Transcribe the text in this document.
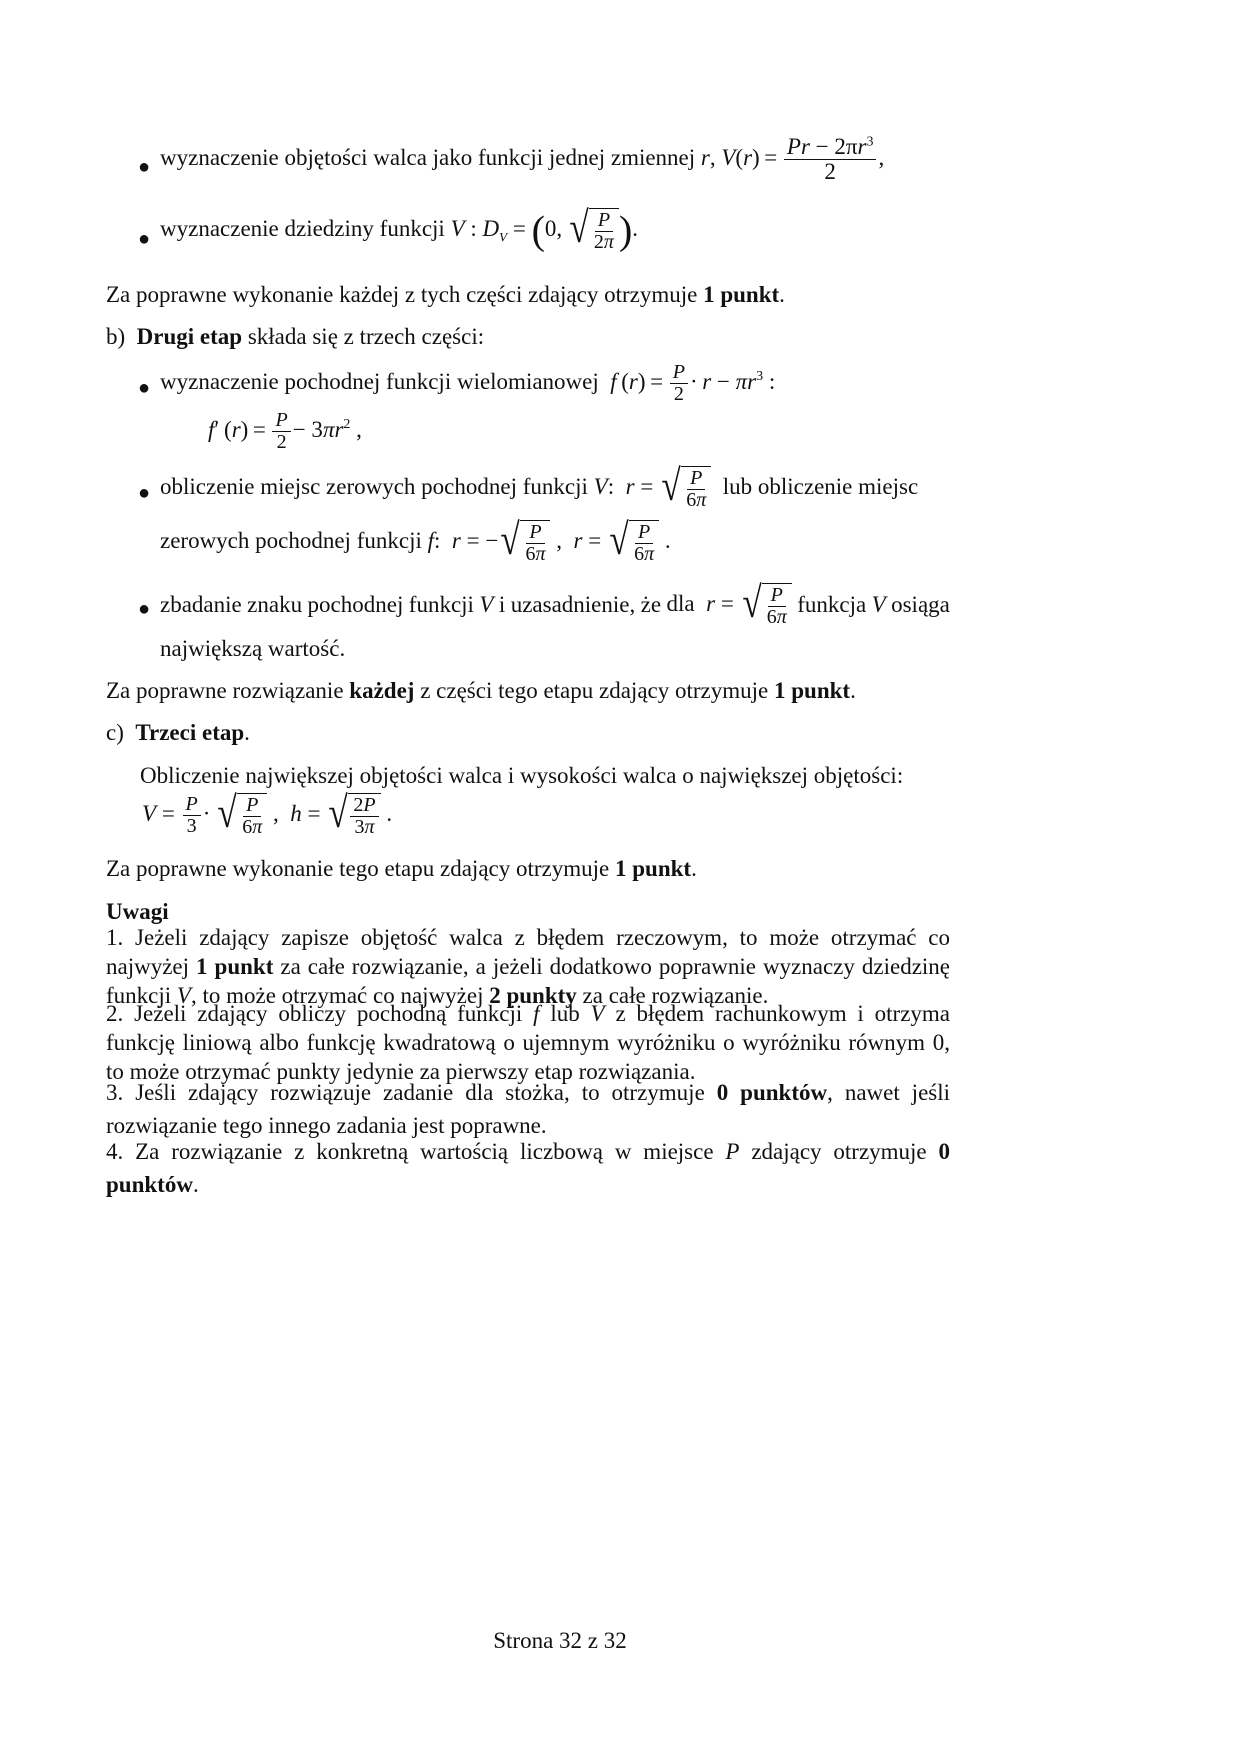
● wyznaczenie objętości walca jako funkcji jednej zmiennej r, $V(r) = \frac{Pr - 2\pi r^3}{2}$ ,
● wyznaczenie dziedziny funkcji V : $D_V = (0$,  √ $\frac{P}{2\pi}$ ).
Za poprawne wykonanie każdej z tych części zdający otrzymuje 1 punkt.
b)  Drugi etap składa się z trzech części:
● wyznaczenie pochodnej funkcji wielomianowej  f $(r) = \frac{P}{2} \cdot r - \pi r^3$ :
f′ $(r) = \frac{P}{2} - 3\pi r^2$ ,
● obliczenie miejsc zerowych pochodnej funkcji V:  r = √ $\frac{P}{6\pi}$ lub obliczenie miejsc
zerowych pochodnej funkcji f:  r = − √ $\frac{P}{6\pi}$ ,  r = √ $\frac{P}{6\pi}$ .
● zbadanie znaku pochodnej funkcji V i uzasadnienie, że dla  r = √ $\frac{P}{6\pi}$ funkcja V osiąga
największą wartość.
Za poprawne rozwiązanie każdej z części tego etapu zdający otrzymuje 1 punkt.
c)  Trzeci etap.
Obliczenie największej objętości walca i wysokości walca o największej objętości:
$V = \frac{P}{3}$ ·  √ $\frac{P}{6\pi}$ ,  h = √ $\frac{2P}{3\pi}$ .
Za poprawne wykonanie tego etapu zdający otrzymuje 1 punkt.
Uwagi
1. Jeżeli zdający zapisze objętość walca z błędem rzeczowym, to może otrzymać co najwyżej 1 punkt za całe rozwiązanie, a jeżeli dodatkowo poprawnie wyznaczy dziedzinę funkcji V, to może otrzymać co najwyżej 2 punkty za całe rozwiązanie.
2. Jeżeli zdający obliczy pochodną funkcji f lub V z błędem rachunkowym i otrzyma funkcję liniową albo funkcję kwadratową o ujemnym wyróżniku o wyróżniku równym 0, to może otrzymać punkty jedynie za pierwszy etap rozwiązania.
3. Jeśli zdający rozwiązuje zadanie dla stożka, to otrzymuje 0 punktów, nawet jeśli rozwiązanie tego innego zadania jest poprawne.
4. Za rozwiązanie z konkretną wartością liczbową w miejsce P zdający otrzymuje 0 punktów.
Strona 32 z 32
